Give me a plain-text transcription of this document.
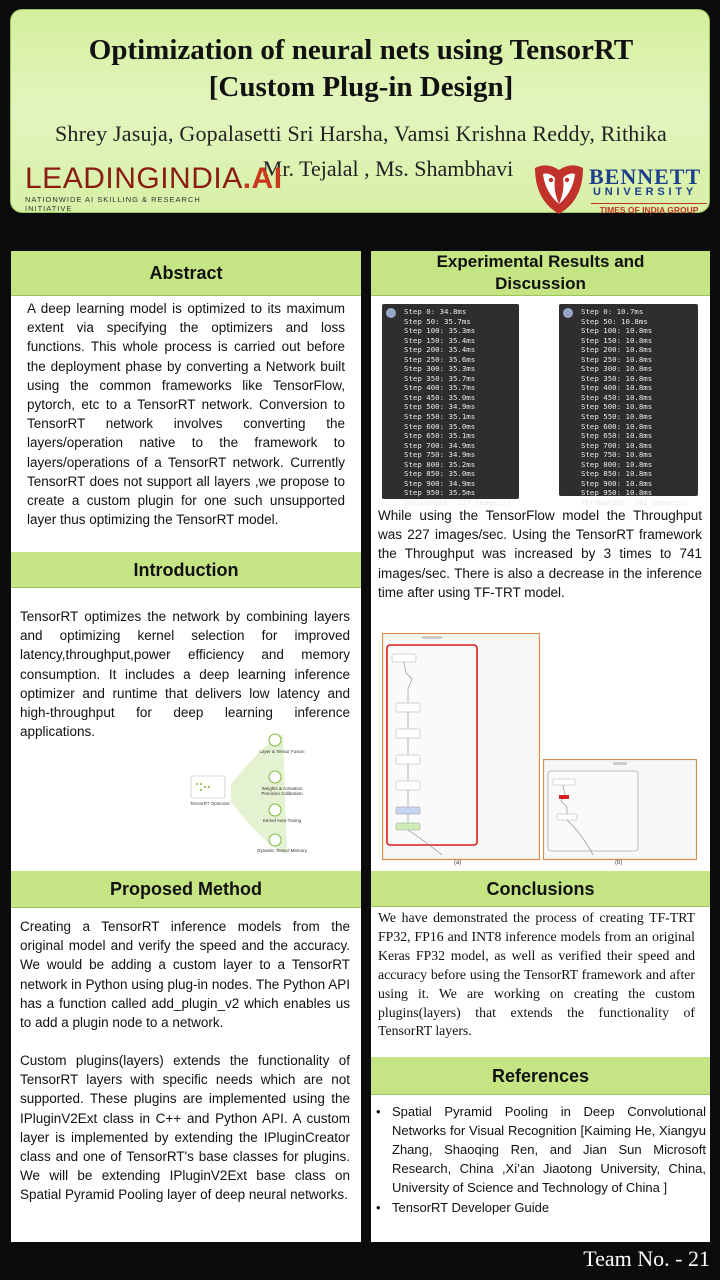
Optimization of neural nets using TensorRT
[Custom Plug-in Design]
Shrey Jasuja, Gopalasetti Sri Harsha, Vamsi Krishna Reddy, Rithika
Mr. Tejalal , Ms. Shambhavi
LEADINGINDIA.AI
NATIONWIDE AI SKILLING & RESEARCH INITIATIVE
BENNETT
UNIVERSITY
TIMES OF INDIA GROUP
Abstract
A deep learning model is optimized to its maximum extent via specifying the optimizers and loss functions. This whole process is carried out before the deployment phase by converting a Network built using the common frameworks like TensorFlow, pytorch, etc to a TensorRT network. Conversion to TensorRT network involves converting the layers/operation native to the framework to layers/operations of a TensorRT network. Currently TensorRT does not support all layers ,we propose to create a custom plugin for one such unsupported layer thus optimizing the TensorRT model.
Introduction
TensorRT optimizes the network by combining layers and optimizing kernel selection for improved latency,throughput,power efficiency and memory consumption. It includes a deep learning inference optimizer and runtime that delivers low latency and high-throughput for deep learning inference applications.
TensorRT Optimizer
Layer & Tensor Fusion
Weights & Activation Precision Calibration
Kernel Auto-Tuning
Dynamic Tensor Memory
Proposed Method
Creating a TensorRT inference models from the original model and verify the speed and the accuracy. We would be adding a custom layer to a TensorRT network in Python using plug-in nodes. The Python API has a function called add_plugin_v2 which enables us to add a plugin node to a network.
Custom plugins(layers) extends the functionality of TensorRT layers with specific needs which are not supported. These plugins are implemented using the IPluginV2Ext class in C++ and Python API. A custom layer is implemented by extending the IPluginCreator class and one of TensorRT's base classes for plugins. We will be extending IPluginV2Ext base class on Spatial Pyramid Pooling layer of deep neural networks.
Experimental Results and Discussion
Step 0: 34.8ms
Step 50: 35.7ms
Step 100: 35.3ms
Step 150: 35.4ms
Step 200: 35.4ms
Step 250: 35.6ms
Step 300: 35.3ms
Step 350: 35.7ms
Step 400: 35.7ms
Step 450: 35.0ms
Step 500: 34.9ms
Step 550: 35.1ms
Step 600: 35.0ms
Step 650: 35.1ms
Step 700: 34.9ms
Step 750: 34.9ms
Step 800: 35.2ms
Step 850: 35.0ms
Step 900: 34.9ms
Step 950: 35.5ms
Throughput: 227 images/s
Step 0: 10.7ms
Step 50: 10.8ms
Step 100: 10.8ms
Step 150: 10.8ms
Step 200: 10.8ms
Step 250: 10.8ms
Step 300: 10.8ms
Step 350: 10.8ms
Step 400: 10.8ms
Step 450: 10.8ms
Step 500: 10.8ms
Step 550: 10.8ms
Step 600: 10.8ms
Step 650: 10.8ms
Step 700: 10.8ms
Step 750: 10.8ms
Step 800: 10.8ms
Step 850: 10.8ms
Step 900: 10.8ms
Step 950: 10.8ms
Throughput: 741 images/s
While using the TensorFlow model the Throughput was 227 images/sec. Using the TensorRT framework the Throughput was increased by 3 times to 741 images/sec. There is also a decrease in the inference time after using TF-TRT model.
(a)	(b)
Conclusions
We have demonstrated the process of creating TF-TRT FP32, FP16 and INT8 inference models from an original Keras FP32 model, as well as verified their speed and accuracy before using the TensorRT framework and after using it. We are working on creating the custom plugins(layers) that extends the functionality of TensorRT layers.
References
• Spatial Pyramid Pooling in Deep Convolutional Networks for Visual Recognition [Kaiming He, Xiangyu Zhang, Shaoqing Ren, and Jian Sun Microsoft Research, China ,Xi’an Jiaotong University, China, University of Science and Technology of China ]
• TensorRT Developer Guide
Team No. - 21
